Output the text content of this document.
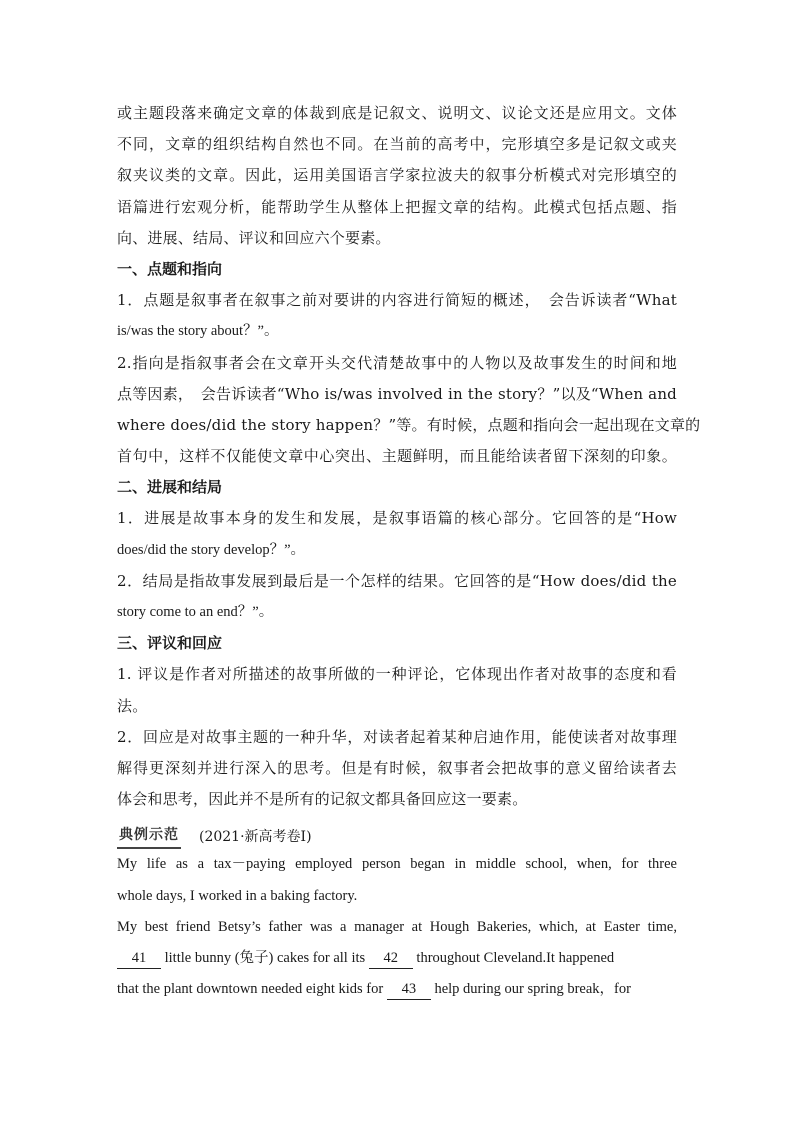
或主题段落来确定文章的体裁到底是记叙文、说明文、议论文还是应用文。文体
不同，文章的组织结构自然也不同。在当前的高考中，完形填空多是记叙文或夹
叙夹议类的文章。因此，运用美国语言学家拉波夫的叙事分析模式对完形填空的
语篇进行宏观分析，能帮助学生从整体上把握文章的结构。此模式包括点题、指
向、进展、结局、评议和回应六个要素。
一、点题和指向
1．点题是叙事者在叙事之前对要讲的内容进行简短的概述，　会告诉读者“What
is/was the story about？”。
2.指向是指叙事者会在文章开头交代清楚故事中的人物以及故事发生的时间和地
点等因素，　会告诉读者“Who is/was involved in the story？”以及“When and
where does/did the story happen？”等。有时候，点题和指向会一起出现在文章的
首句中，这样不仅能使文章中心突出、主题鲜明，而且能给读者留下深刻的印象。
二、进展和结局
1．进展是故事本身的发生和发展，是叙事语篇的核心部分。它回答的是“How
does/did the story develop？”。
2．结局是指故事发展到最后是一个怎样的结果。它回答的是“How does/did the
story come to an end？”。
三、评议和回应
1. 评议是作者对所描述的故事所做的一种评论，它体现出作者对故事的态度和看
法。
2．回应是对故事主题的一种升华，对读者起着某种启迪作用，能使读者对故事理
解得更深刻并进行深入的思考。但是有时候，叙事者会把故事的意义留给读者去
体会和思考，因此并不是所有的记叙文都具备回应这一要素。
典例示范 (2021·新高考卷Ⅰ)
My life as a tax－paying employed person began in middle school, when, for three
whole days, I worked in a baking factory.
My best friend Betsy’s father was a manager at Hough Bakeries, which, at Easter time,
41 little bunny (兔子) cakes for all its 42 throughout Cleveland.It happened
that the plant downtown needed eight kids for 43 help during our spring break，for
